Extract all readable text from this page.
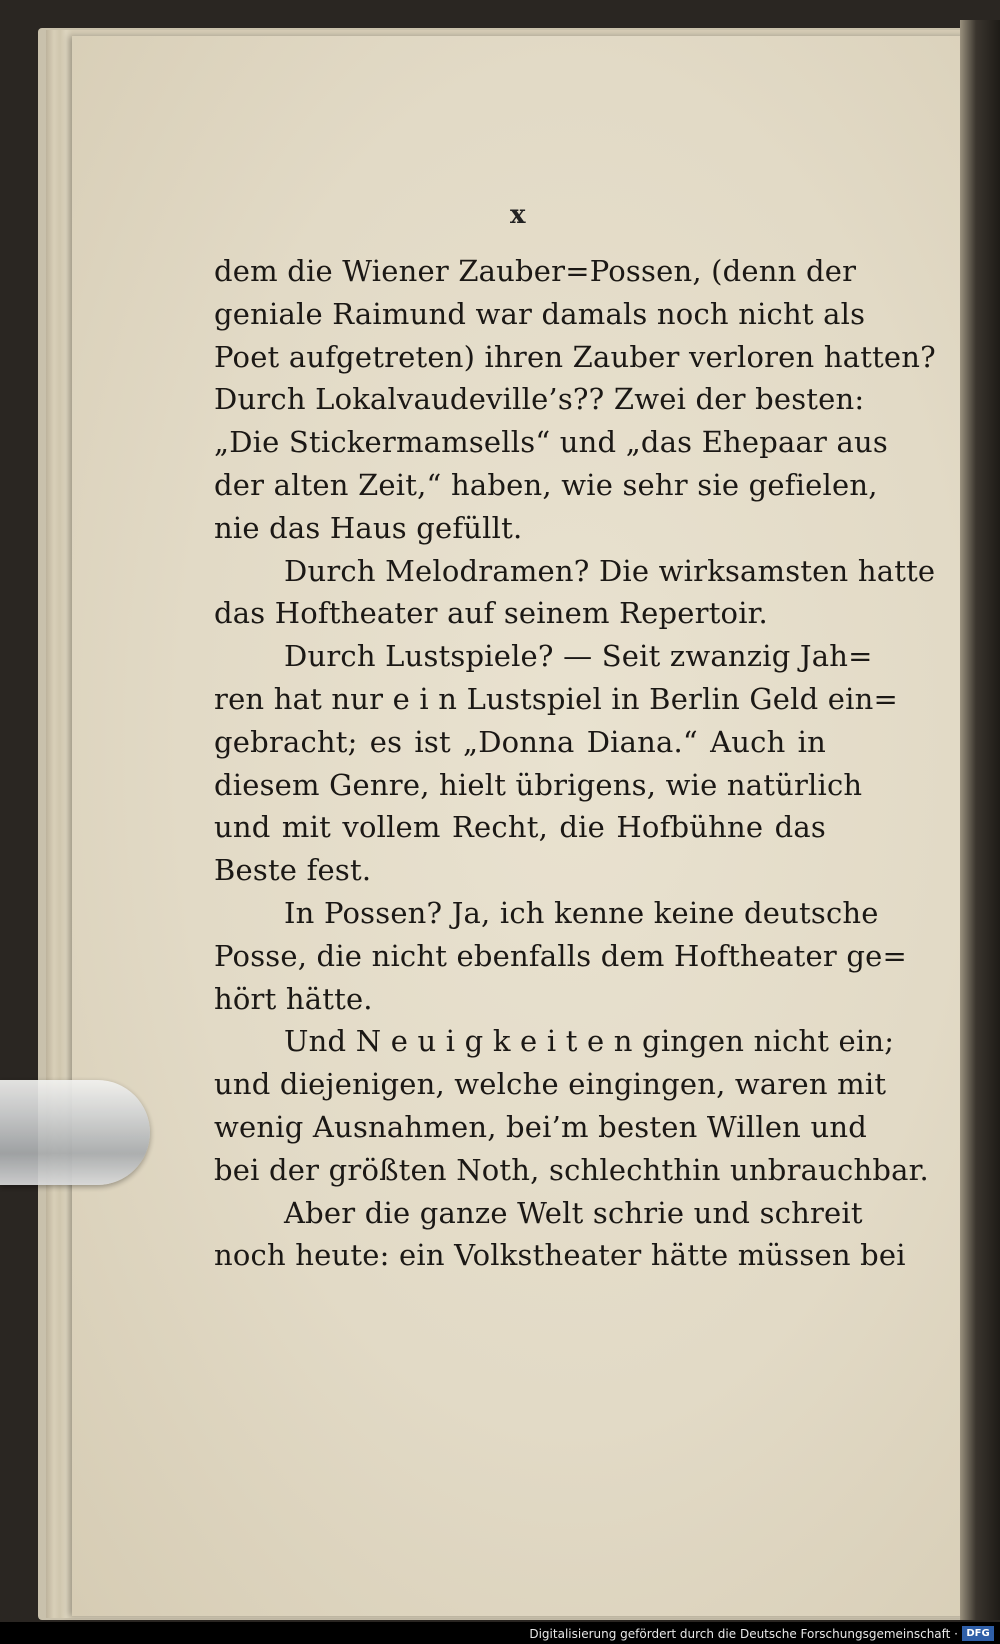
x
dem die Wiener Zauber=Possen, (denn der
geniale Raimund war damals noch nicht als
Poet aufgetreten) ihren Zauber verloren hatten?
Durch Lokalvaudeville’s?? Zwei der besten:
„Die Stickermamsells“ und „das Ehepaar aus
der alten Zeit,“ haben, wie sehr sie gefielen,
nie das Haus gefüllt.
Durch Melodramen? Die wirksamsten hatte
das Hoftheater auf seinem Repertoir.
Durch Lustspiele? — Seit zwanzig Jah=
ren hat nur e i n Lustspiel in Berlin Geld ein=
gebracht; es ist „Donna Diana.“ Auch in
diesem Genre, hielt übrigens, wie natürlich
und mit vollem Recht, die Hofbühne das
Beste fest.
In Possen? Ja, ich kenne keine deutsche
Posse, die nicht ebenfalls dem Hoftheater ge=
hört hätte.
Und N e u i g k e i t e n gingen nicht ein;
und diejenigen, welche eingingen, waren mit
wenig Ausnahmen, bei’m besten Willen und
bei der größten Noth, schlechthin unbrauchbar.
Aber die ganze Welt schrie und schreit
noch heute: ein Volkstheater hätte müssen bei
Digitalisierung gefördert durch die Deutsche Forschungsgemeinschaft · DFG
